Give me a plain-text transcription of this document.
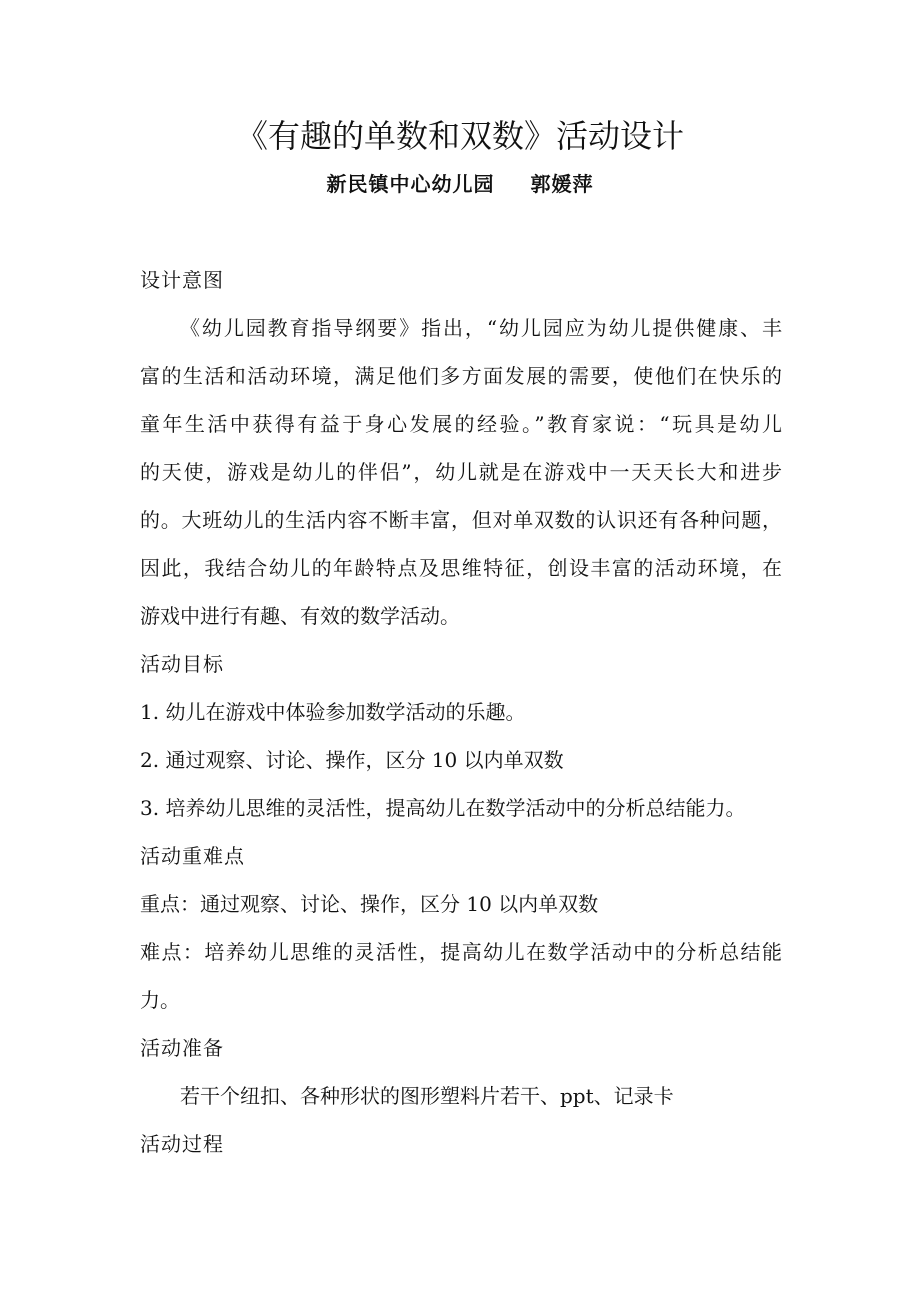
《有趣的单数和双数》活动设计
新民镇中心幼儿园 郭媛萍
设计意图
《幼儿园教育指导纲要》指出，“幼儿园应为幼儿提供健康、丰
富的生活和活动环境，满足他们多方面发展的需要，使他们在快乐的
童年生活中获得有益于身心发展的经验。”教育家说：“玩具是幼儿
的天使，游戏是幼儿的伴侣”，幼儿就是在游戏中一天天长大和进步
的。大班幼儿的生活内容不断丰富，但对单双数的认识还有各种问题，
因此，我结合幼儿的年龄特点及思维特征，创设丰富的活动环境，在
游戏中进行有趣、有效的数学活动。
活动目标
1. 幼儿在游戏中体验参加数学活动的乐趣。
2. 通过观察、讨论、操作，区分 10 以内单双数
3. 培养幼儿思维的灵活性，提高幼儿在数学活动中的分析总结能力。
活动重难点
重点：通过观察、讨论、操作，区分 10 以内单双数
难点：培养幼儿思维的灵活性，提高幼儿在数学活动中的分析总结能
力。
活动准备
若干个纽扣、各种形状的图形塑料片若干、ppt、记录卡
活动过程
